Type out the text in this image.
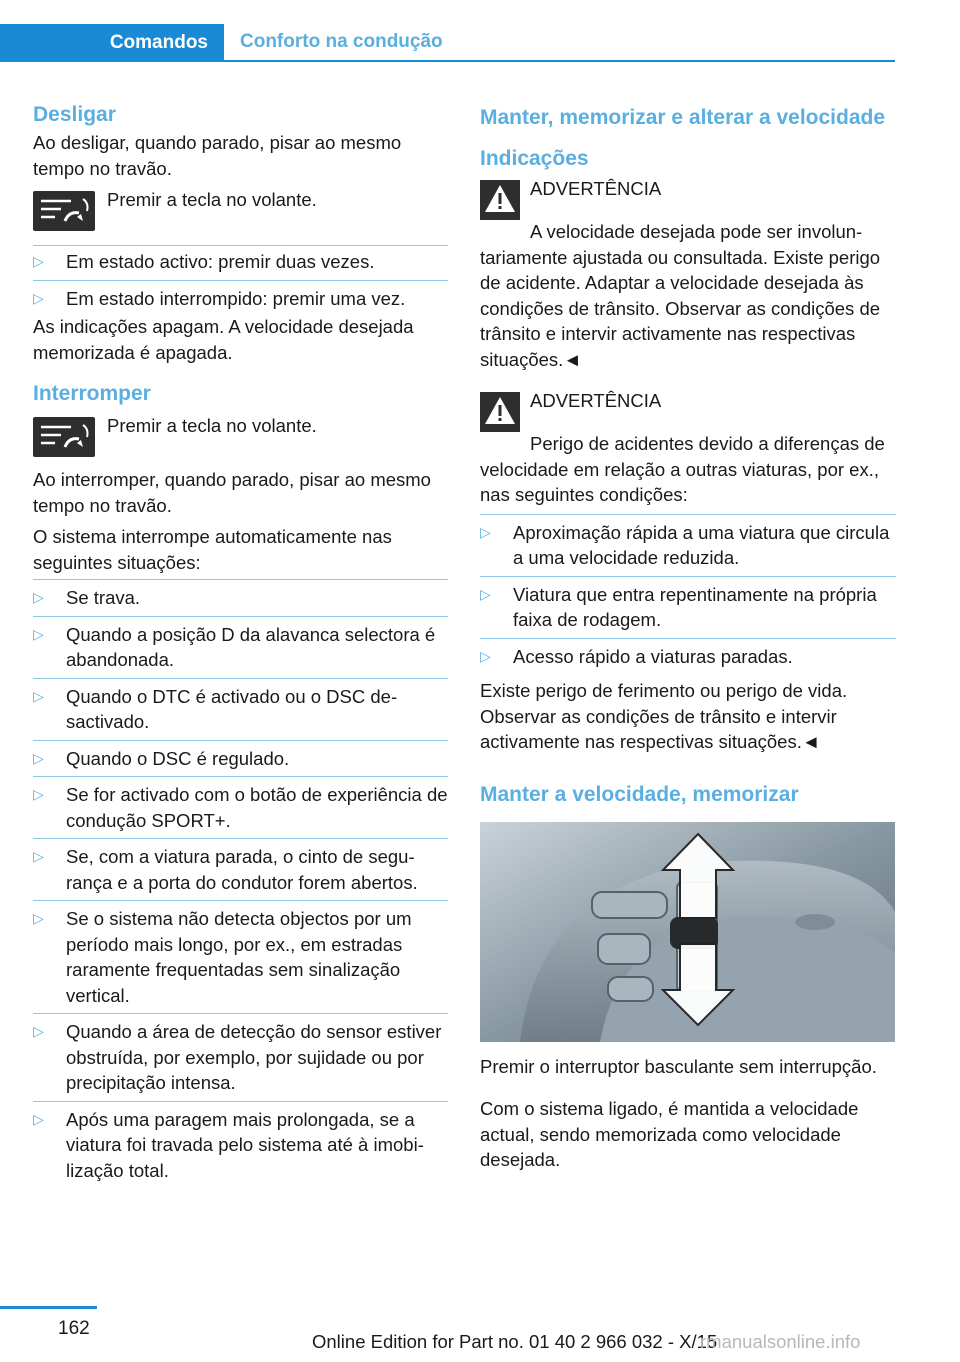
Comandos	Conforto na condução
Desligar

Ao desligar, quando parado, pisar ao mesmo tempo no travão.

Premir a tecla no volante.
▷ Em estado activo: premir duas vezes.
▷ Em estado interrompido: premir uma vez.

As indicações apagam. A velocidade desejada memorizada é apagada.

Interromper
Premir a tecla no volante.

Ao interromper, quando parado, pisar ao mesmo tempo no travão.

O sistema interrompe automaticamente nas seguintes situações:

▷ Se trava.
▷ Quando a posição D da alavanca selectora é abandonada.
▷ Quando o DTC é activado ou o DSC desactivado.
▷ Quando o DSC é regulado.
▷ Se for activado com o botão de experiência de condução SPORT+.
▷ Se, com a viatura parada, o cinto de segurança e a porta do condutor forem abertos.
▷ Se o sistema não detecta objectos por um período mais longo, por ex., em estradas raramente frequentadas sem sinalização vertical.
▷ Quando a área de detecção do sensor estiver obstruída, por exemplo, por sujidade ou por precipitação intensa.
▷ Após uma paragem mais prolongada, se a viatura foi travada pelo sistema até à imobilização total.
Manter, memorizar e alterar a velocidade
Indicações
ADVERTÊNCIA

A velocidade desejada pode ser involuntariamente ajustada ou consultada. Existe perigo de acidente. Adaptar a velocidade desejada às condições de trânsito. Observar as condições de trânsito e intervir activamente nas respectivas situações.◄

ADVERTÊNCIA

Perigo de acidentes devido a diferenças de velocidade em relação a outras viaturas, por ex., nas seguintes condições:

▷ Aproximação rápida a uma viatura que circula a uma velocidade reduzida.
▷ Viatura que entra repentinamente na própria faixa de rodagem.
▷ Acesso rápido a viaturas paradas.

Existe perigo de ferimento ou perigo de vida. Observar as condições de trânsito e intervir activamente nas respectivas situações.◄

Manter a velocidade, memorizar

Premir o interruptor basculante sem interrupção.

Com o sistema ligado, é mantida a velocidade actual, sendo memorizada como velocidade desejada.

162
Online Edition for Part no. 01 40 2 966 032 - X/15
rmanualsonline.info
